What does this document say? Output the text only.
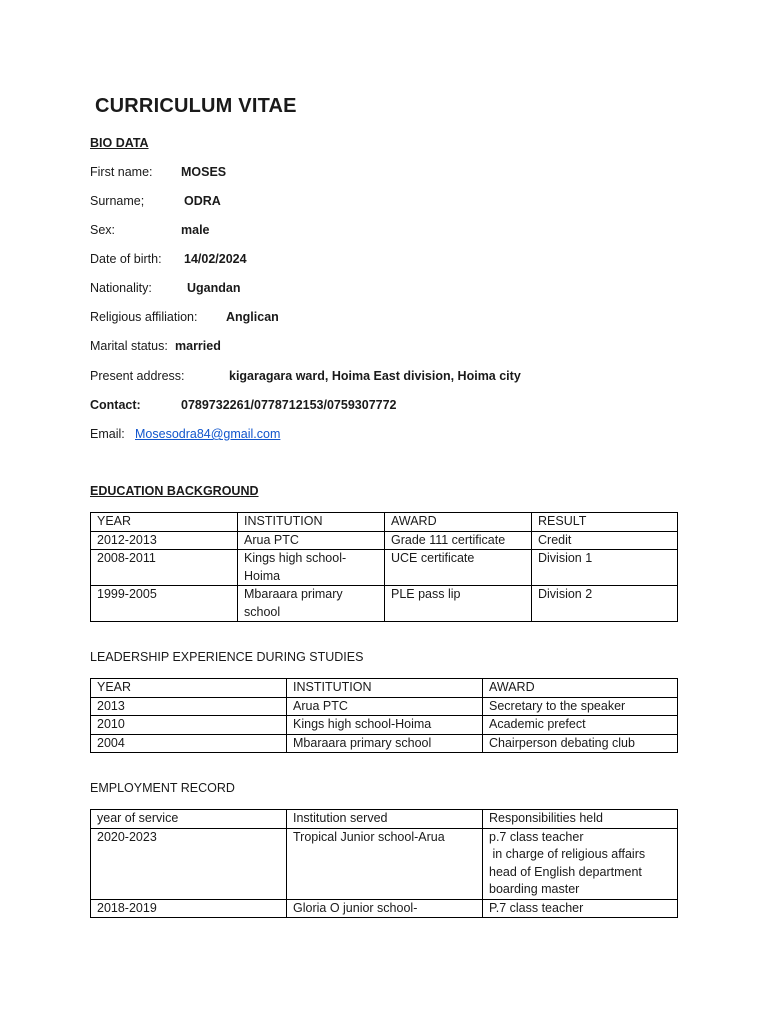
CURRICULUM VITAE
BIO DATA
First name: MOSES
Surname;	ODRA
Sex:	male
Date of birth: 14/02/2024
Nationality:	Ugandan
Religious affiliation: Anglican
Marital status: married
Present address:	kigaragara ward, Hoima East division, Hoima city
Contact:	0789732261/0778712153/0759307772
Email: Mosesodra84@gmail.com
EDUCATION BACKGROUND
YEAR	INSTITUTION	AWARD	RESULT
2012-2013	Arua PTC	Grade 111 certificate	Credit
2008-2011	Kings high school-Hoima	UCE certificate	Division 1
1999-2005	Mbaraara primary school	PLE pass lip	Division 2
LEADERSHIP EXPERIENCE DURING STUDIES
YEAR	INSTITUTION	AWARD
2013	Arua PTC	Secretary to the speaker
2010	Kings high school-Hoima	Academic prefect
2004	Mbaraara primary school	Chairperson debating club
EMPLOYMENT RECORD
year of service	Institution served	Responsibilities held
2020-2023	Tropical Junior school-Arua	p.7 class teacher
in charge of religious affairs
head of English department
boarding master

2018-2019	Gloria O junior school-	P.7 class teacher
